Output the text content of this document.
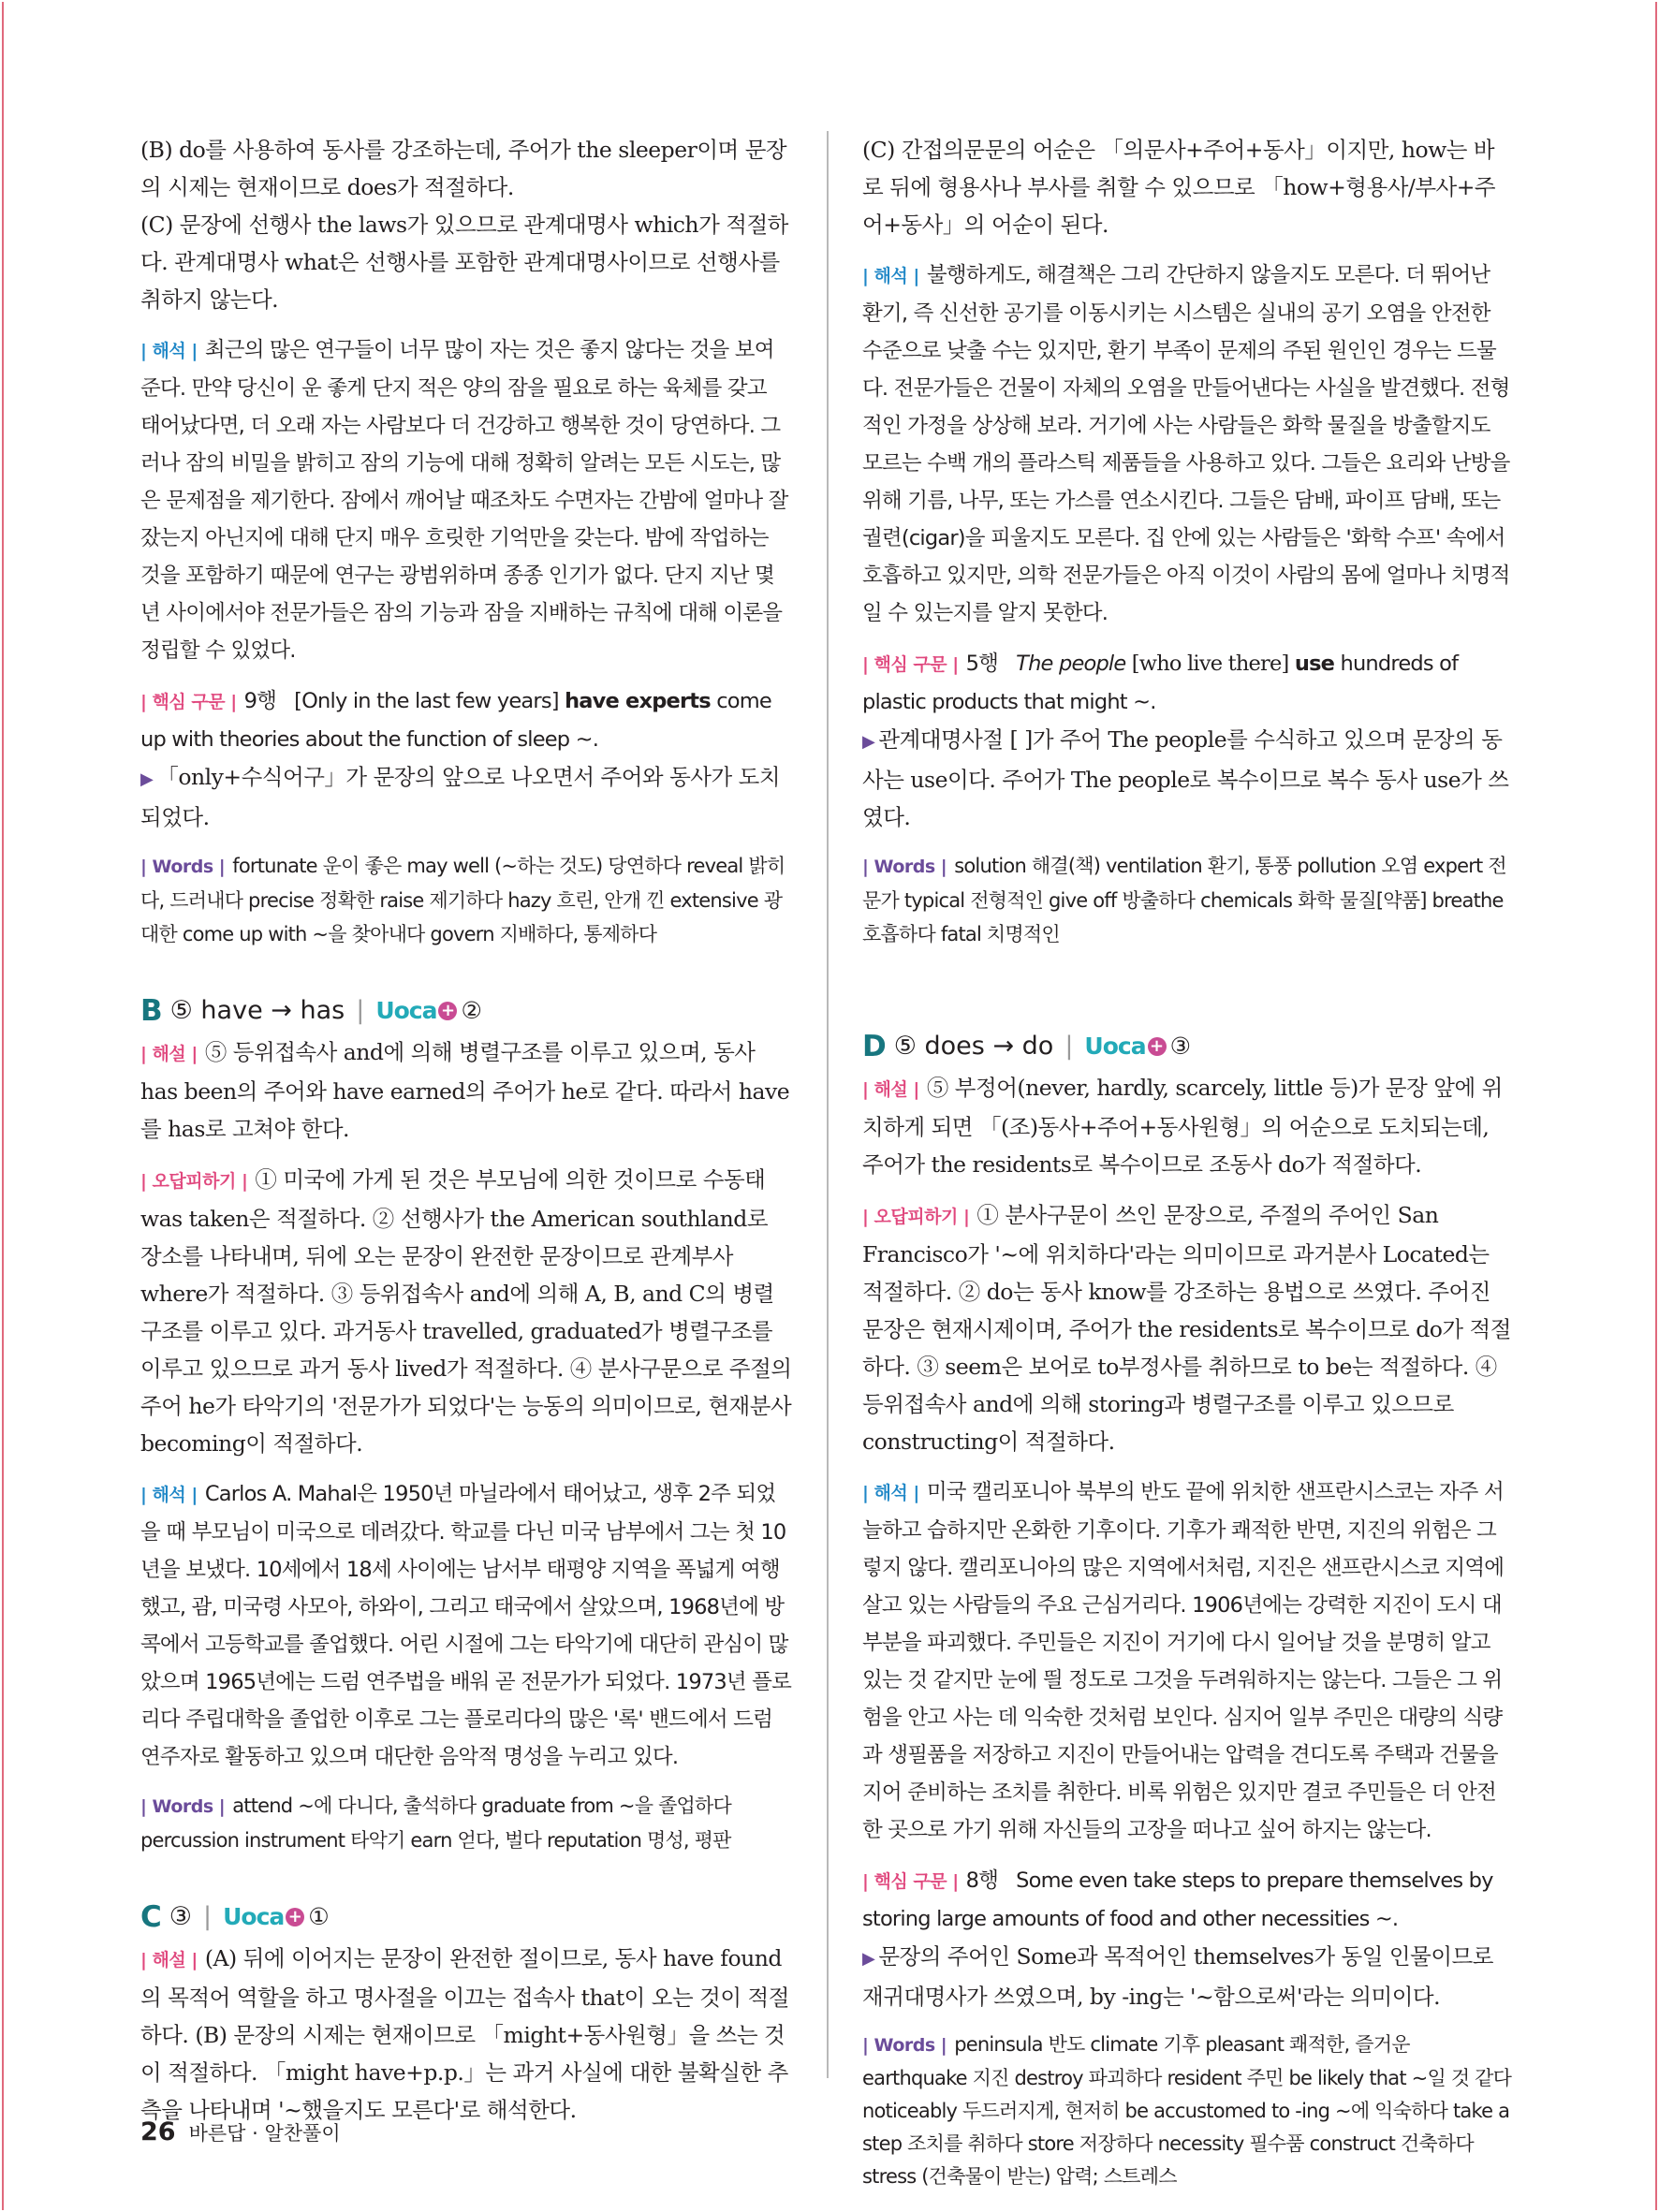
(B) do를 사용하여 동사를 강조하는데, 주어가 the sleeper이며 문장의 시제는 현재이므로 does가 적절하다.

(C) 문장에 선행사 the laws가 있으므로 관계대명사 which가 적절하다. 관계대명사 what은 선행사를 포함한 관계대명사이므로 선행사를 취하지 않는다.

| 해석 | 최근의 많은 연구들이 너무 많이 자는 것은 좋지 않다는 것을 보여준다. 만약 당신이 운 좋게 단지 적은 양의 잠을 필요로 하는 육체를 갖고 태어났다면, 더 오래 자는 사람보다 더 건강하고 행복한 것이 당연하다. 그러나 잠의 비밀을 밝히고 잠의 기능에 대해 정확히 알려는 모든 시도는, 많은 문제점을 제기한다. 잠에서 깨어날 때조차도 수면자는 간밤에 얼마나 잘 잤는지 아닌지에 대해 단지 매우 흐릿한 기억만을 갖는다. 밤에 작업하는 것을 포함하기 때문에 연구는 광범위하며 종종 인기가 없다. 단지 지난 몇 년 사이에서야 전문가들은 잠의 기능과 잠을 지배하는 규칙에 대해 이론을 정립할 수 있었다.

| 핵심 구문 | 9행 [Only in the last few years] have experts come up with theories about the function of sleep ~.

▶ 「only+수식어구」가 문장의 앞으로 나오면서 주어와 동사가 도치되었다.

| Words | fortunate 운이 좋은 may well (~하는 것도) 당연하다 reveal 밝히다, 드러내다 precise 정확한 raise 제기하다 hazy 흐린, 안개 낀 extensive 광대한 come up with ~을 찾아내다 govern 지배하다, 통제하다

B ⑤ have → has | Uoca + ②

| 해설 | ⑤ 등위접속사 and에 의해 병렬구조를 이루고 있으며, 동사 has been의 주어와 have earned의 주어가 he로 같다. 따라서 have를 has로 고쳐야 한다.

| 오답피하기 | ① 미국에 가게 된 것은 부모님에 의한 것이므로 수동태 was taken은 적절하다. ② 선행사가 the American southland로 장소를 나타내며, 뒤에 오는 문장이 완전한 문장이므로 관계부사 where가 적절하다. ③ 등위접속사 and에 의해 A, B, and C의 병렬구조를 이루고 있다. 과거동사 travelled, graduated가 병렬구조를 이루고 있으므로 과거 동사 lived가 적절하다. ④ 분사구문으로 주절의 주어 he가 타악기의 '전문가가 되었다'는 능동의 의미이므로, 현재분사 becoming이 적절하다.

| 해석 | Carlos A. Mahal은 1950년 마닐라에서 태어났고, 생후 2주 되었을 때 부모님이 미국으로 데려갔다. 학교를 다닌 미국 남부에서 그는 첫 10년을 보냈다. 10세에서 18세 사이에는 남서부 태평양 지역을 폭넓게 여행했고, 괌, 미국령 사모아, 하와이, 그리고 태국에서 살았으며, 1968년에 방콕에서 고등학교를 졸업했다. 어린 시절에 그는 타악기에 대단히 관심이 많았으며 1965년에는 드럼 연주법을 배워 곧 전문가가 되었다. 1973년 플로리다 주립대학을 졸업한 이후로 그는 플로리다의 많은 '록' 밴드에서 드럼 연주자로 활동하고 있으며 대단한 음악적 명성을 누리고 있다.

| Words | attend ~에 다니다, 출석하다 graduate from ~을 졸업하다 percussion instrument 타악기 earn 얻다, 벌다 reputation 명성, 평판

C ③ | Uoca + ①

| 해설 | (A) 뒤에 이어지는 문장이 완전한 절이므로, 동사 have found의 목적어 역할을 하고 명사절을 이끄는 접속사 that이 오는 것이 적절하다. (B) 문장의 시제는 현재이므로 「might+동사원형」을 쓰는 것이 적절하다. 「might have+p.p.」는 과거 사실에 대한 불확실한 추측을 나타내며 '~했을지도 모른다'로 해석한다.

(C) 간접의문문의 어순은 「의문사+주어+동사」이지만, how는 바로 뒤에 형용사나 부사를 취할 수 있으므로 「how+형용사/부사+주어+동사」의 어순이 된다.

| 해석 | 불행하게도, 해결책은 그리 간단하지 않을지도 모른다. 더 뛰어난 환기, 즉 신선한 공기를 이동시키는 시스템은 실내의 공기 오염을 안전한 수준으로 낮출 수는 있지만, 환기 부족이 문제의 주된 원인인 경우는 드물다. 전문가들은 건물이 자체의 오염을 만들어낸다는 사실을 발견했다. 전형적인 가정을 상상해 보라. 거기에 사는 사람들은 화학 물질을 방출할지도 모르는 수백 개의 플라스틱 제품들을 사용하고 있다. 그들은 요리와 난방을 위해 기름, 나무, 또는 가스를 연소시킨다. 그들은 담배, 파이프 담배, 또는 궐련(cigar)을 피울지도 모른다. 집 안에 있는 사람들은 '화학 수프' 속에서 호흡하고 있지만, 의학 전문가들은 아직 이것이 사람의 몸에 얼마나 치명적일 수 있는지를 알지 못한다.

| 핵심 구문 | 5행 The people [who live there] use hundreds of plastic products that might ~.

▶ 관계대명사절 [ ]가 주어 The people를 수식하고 있으며 문장의 동사는 use이다. 주어가 The people로 복수이므로 복수 동사 use가 쓰였다.

| Words | solution 해결(책) ventilation 환기, 통풍 pollution 오염 expert 전문가 typical 전형적인 give off 방출하다 chemicals 화학 물질[약품] breathe 호흡하다 fatal 치명적인

D ⑤ does → do | Uoca + ③

| 해설 | ⑤ 부정어(never, hardly, scarcely, little 등)가 문장 앞에 위치하게 되면 「(조)동사+주어+동사원형」의 어순으로 도치되는데, 주어가 the residents로 복수이므로 조동사 do가 적절하다.

| 오답피하기 | ① 분사구문이 쓰인 문장으로, 주절의 주어인 San Francisco가 '~에 위치하다'라는 의미이므로 과거분사 Located는 적절하다. ② do는 동사 know를 강조하는 용법으로 쓰였다. 주어진 문장은 현재시제이며, 주어가 the residents로 복수이므로 do가 적절하다. ③ seem은 보어로 to부정사를 취하므로 to be는 적절하다. ④ 등위접속사 and에 의해 storing과 병렬구조를 이루고 있으므로 constructing이 적절하다.

| 해석 | 미국 캘리포니아 북부의 반도 끝에 위치한 샌프란시스코는 자주 서늘하고 습하지만 온화한 기후이다. 기후가 쾌적한 반면, 지진의 위험은 그렇지 않다. 캘리포니아의 많은 지역에서처럼, 지진은 샌프란시스코 지역에 살고 있는 사람들의 주요 근심거리다. 1906년에는 강력한 지진이 도시 대부분을 파괴했다. 주민들은 지진이 거기에 다시 일어날 것을 분명히 알고 있는 것 같지만 눈에 띌 정도로 그것을 두려워하지는 않는다. 그들은 그 위험을 안고 사는 데 익숙한 것처럼 보인다. 심지어 일부 주민은 대량의 식량과 생필품을 저장하고 지진이 만들어내는 압력을 견디도록 주택과 건물을 지어 준비하는 조치를 취한다. 비록 위험은 있지만 결코 주민들은 더 안전한 곳으로 가기 위해 자신들의 고장을 떠나고 싶어 하지는 않는다.

| 핵심 구문 | 8행 Some even take steps to prepare themselves by storing large amounts of food and other necessities ~.

▶ 문장의 주어인 Some과 목적어인 themselves가 동일 인물이므로 재귀대명사가 쓰였으며, by -ing는 '~함으로써'라는 의미이다.

| Words | peninsula 반도 climate 기후 pleasant 쾌적한, 즐거운 earthquake 지진 destroy 파괴하다 resident 주민 be likely that ~일 것 같다 noticeably 두드러지게, 현저히 be accustomed to -ing ~에 익숙하다 take a step 조치를 취하다 store 저장하다 necessity 필수품 construct 건축하다 stress (건축물이 받는) 압력; 스트레스

26 바른답 · 알찬풀이
